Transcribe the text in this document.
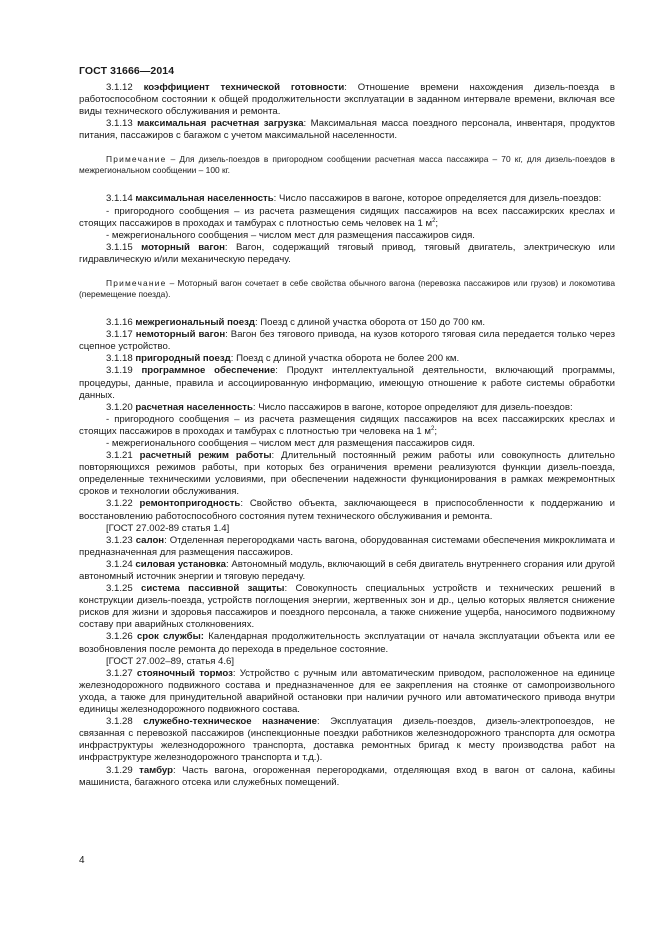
ГОСТ 31666—2014

3.1.12 коэффициент технической готовности: Отношение времени нахождения дизель-поезда в работоспособном состоянии к общей продолжительности эксплуатации в заданном интервале времени, включая все виды технического обслуживания и ремонта.

3.1.13 максимальная расчетная загрузка: Максимальная масса поездного персонала, инвентаря, продуктов питания, пассажиров с багажом с учетом максимальной населенности.

Примечание – Для дизель-поездов в пригородном сообщении расчетная масса пассажира – 70 кг, для дизель-поездов в межрегиональном сообщении – 100 кг.

3.1.14 максимальная населенность: Число пассажиров в вагоне, которое определяется для дизель-поездов:

- пригородного сообщения – из расчета размещения сидящих пассажиров на всех пассажирских креслах и стоящих пассажиров в проходах и тамбурах с плотностью семь человек на 1 $м^2$;

- межрегионального сообщения – числом мест для размещения пассажиров сидя.

3.1.15 моторный вагон: Вагон, содержащий тяговый привод, тяговый двигатель, электрическую или гидравлическую и/или механическую передачу.

Примечание – Моторный вагон сочетает в себе свойства обычного вагона (перевозка пассажиров или грузов) и локомотива (перемещение поезда).

3.1.16 межрегиональный поезд: Поезд с длиной участка оборота от 150 до 700 км.

3.1.17 немоторный вагон: Вагон без тягового привода, на кузов которого тяговая сила передается только через сцепное устройство.

3.1.18 пригородный поезд: Поезд с длиной участка оборота не более 200 км.

3.1.19 программное обеспечение: Продукт интеллектуальной деятельности, включающий программы, процедуры, данные, правила и ассоциированную информацию, имеющую отношение к работе системы обработки данных.

3.1.20 расчетная населенность: Число пассажиров в вагоне, которое определяют для дизель-поездов:

- пригородного сообщения – из расчета размещения сидящих пассажиров на всех пассажирских креслах и стоящих пассажиров в проходах и тамбурах с плотностью три человека на 1 $м^2$;

- межрегионального сообщения – числом мест для размещения пассажиров сидя.

3.1.21 расчетный режим работы: Длительный постоянный режим работы или совокупность длительно повторяющихся режимов работы, при которых без ограничения времени реализуются функции дизель-поезда, определенные техническими условиями, при обеспечении надежности функционирования в рамках межремонтных сроков и технологии обслуживания.

3.1.22 ремонтопригодность: Свойство объекта, заключающееся в приспособленности к поддержанию и восстановлению работоспособного состояния путем технического обслуживания и ремонта.

[ГОСТ 27.002-89 статья 1.4]

3.1.23 салон: Отделенная перегородками часть вагона, оборудованная системами обеспечения микроклимата и предназначенная для размещения пассажиров.

3.1.24 силовая установка: Автономный модуль, включающий в себя двигатель внутреннего сгорания или другой автономный источник энергии и тяговую передачу.

3.1.25 система пассивной защиты: Совокупность специальных устройств и технических решений в конструкции дизель-поезда, устройств поглощения энергии, жертвенных зон и др., целью которых является снижение рисков для жизни и здоровья пассажиров и поездного персонала, а также снижение ущерба, наносимого подвижному составу при аварийных столкновениях.

3.1.26 срок службы: Календарная продолжительность эксплуатации от начала эксплуатации объекта или ее возобновления после ремонта до перехода в предельное состояние.

[ГОСТ 27.002–89, статья 4.6]

3.1.27 стояночный тормоз: Устройство с ручным или автоматическим приводом, расположенное на единице железнодорожного подвижного состава и предназначенное для ее закрепления на стоянке от самопроизвольного ухода, а также для принудительной аварийной остановки при наличии ручного или автоматического привода внутри единицы железнодорожного подвижного состава.

3.1.28 служебно-техническое назначение: Эксплуатация дизель-поездов, дизель-электропоездов, не связанная с перевозкой пассажиров (инспекционные поездки работников железнодорожного транспорта для осмотра инфраструктуры железнодорожного транспорта, доставка ремонтных бригад к месту производства работ на инфраструктуре железнодорожного транспорта и т.д.).

3.1.29 тамбур: Часть вагона, огороженная перегородками, отделяющая вход в вагон от салона, кабины машиниста, багажного отсека или служебных помещений.

4
